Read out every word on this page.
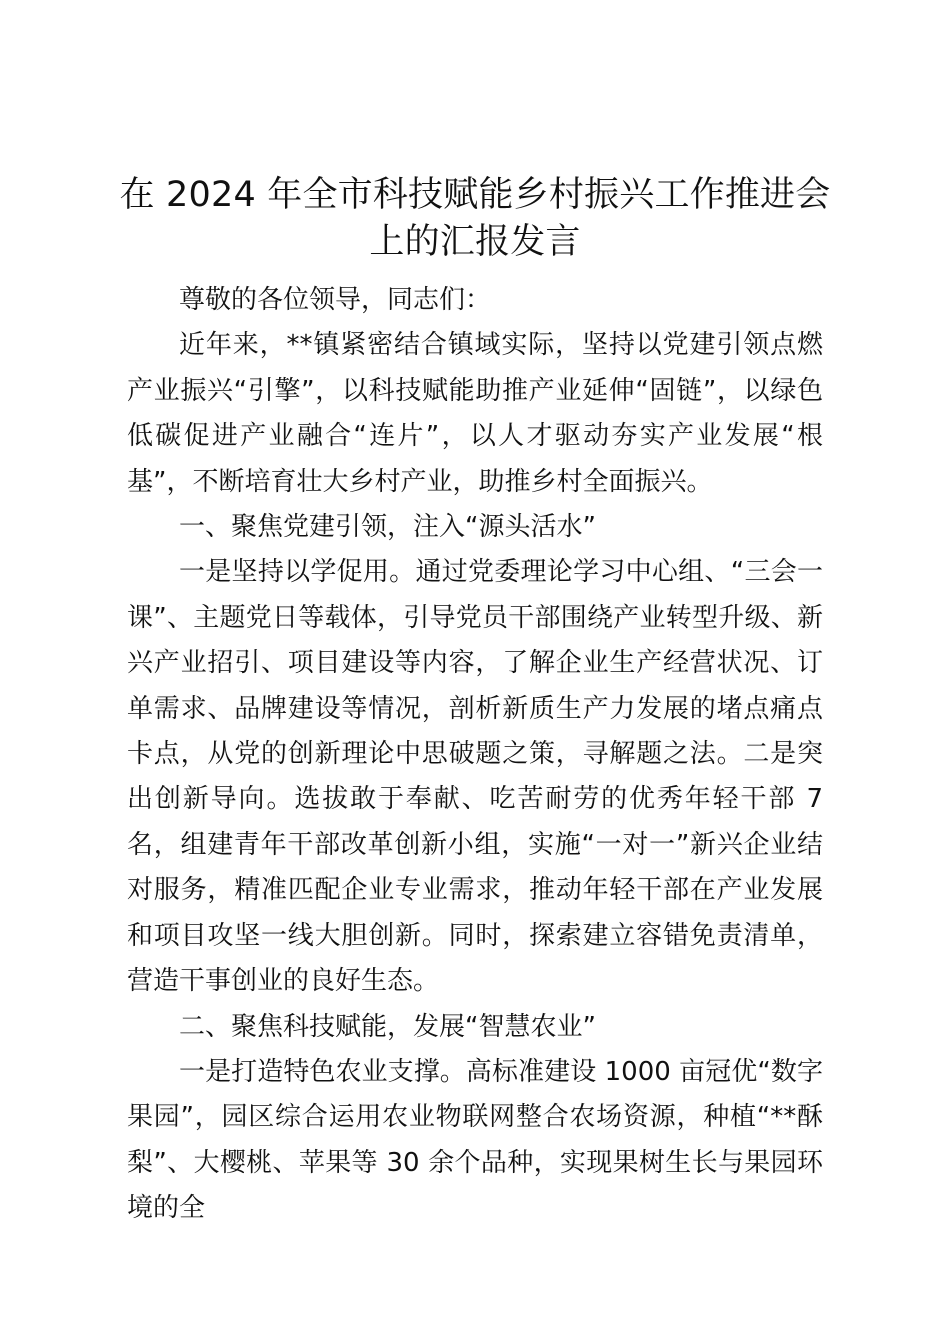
在 2024 年全市科技赋能乡村振兴工作推进会
上的汇报发言

尊敬的各位领导，同志们：

近年来，**镇紧密结合镇域实际，坚持以党建引领点燃产业振兴“引擎”，以科技赋能助推产业延伸“固链”，以绿色低碳促进产业融合“连片”，以人才驱动夯实产业发展“根基”，不断培育壮大乡村产业，助推乡村全面振兴。

一、聚焦党建引领，注入“源头活水”

一是坚持以学促用。通过党委理论学习中心组、“三会一课”、主题党日等载体，引导党员干部围绕产业转型升级、新兴产业招引、项目建设等内容，了解企业生产经营状况、订单需求、品牌建设等情况，剖析新质生产力发展的堵点痛点卡点，从党的创新理论中思破题之策，寻解题之法。二是突出创新导向。选拔敢于奉献、吃苦耐劳的优秀年轻干部 7 名，组建青年干部改革创新小组，实施“一对一”新兴企业结对服务，精准匹配企业专业需求，推动年轻干部在产业发展和项目攻坚一线大胆创新。同时，探索建立容错免责清单，营造干事创业的良好生态。

二、聚焦科技赋能，发展“智慧农业”

一是打造特色农业支撑。高标准建设 1000 亩冠优“数字果园”，园区综合运用农业物联网整合农场资源，种植“**酥梨”、大樱桃、苹果等 30 余个品种，实现果树生长与果园环境的全
